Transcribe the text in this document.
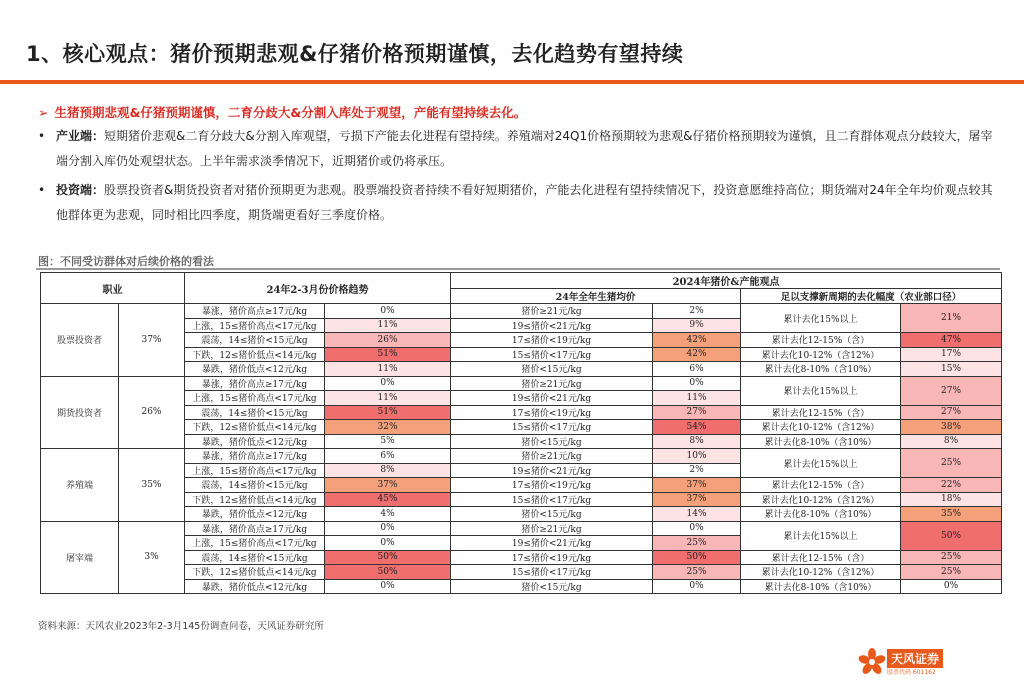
1、核心观点：猪价预期悲观&仔猪价格预期谨慎，去化趋势有望持续
➢ 生猪预期悲观&仔猪预期谨慎，二育分歧大&分割入库处于观望，产能有望持续去化。
• 产业端：短期猪价悲观&二育分歧大&分割入库观望，亏损下产能去化进程有望持续。养殖端对24Q1价格预期较为悲观&仔猪价格预期较为谨慎，且二育群体观点分歧较大，屠宰端分割入库仍处观望状态。上半年需求淡季情况下，近期猪价或仍将承压。
• 投资端：股票投资者&期货投资者对猪价预期更为悲观。股票端投资者持续不看好短期猪价，产能去化进程有望持续情况下，投资意愿维持高位；期货端对24年全年均价观点较其他群体更为悲观，同时相比四季度，期货端更看好三季度价格。
图：不同受访群体对后续价格的看法
职业		24年2-3月份价格趋势		2024年猪价&产能观点			
				24年全年生猪均价		足以支撑新周期的去化幅度（农业部口径）	
股票投资者	37%	暴涨，猪价高点≥17元/kg	0%	猪价≥21元/kg	2%	累计去化15%以上	21%
		上涨，15≤猪价高点<17元/kg	11%	19≤猪价<21元/kg	9%		
		震荡，14≤猪价<15元/kg	26%	17≤猪价<19元/kg	42%	累计去化12-15%（含）	47%
		下跌，12≤猪价低点<14元/kg	51%	15≤猪价<17元/kg	42%	累计去化10-12%（含12%）	17%
		暴跌，猪价低点<12元/kg	11%	猪价<15元/kg	6%	累计去化8-10%（含10%）	15%
期货投资者	26%	暴涨，猪价高点≥17元/kg	0%	猪价≥21元/kg	0%	累计去化15%以上	27%
		上涨，15≤猪价高点<17元/kg	11%	19≤猪价<21元/kg	11%		
		震荡，14≤猪价<15元/kg	51%	17≤猪价<19元/kg	27%	累计去化12-15%（含）	27%
		下跌，12≤猪价低点<14元/kg	32%	15≤猪价<17元/kg	54%	累计去化10-12%（含12%）	38%
		暴跌，猪价低点<12元/kg	5%	猪价<15元/kg	8%	累计去化8-10%（含10%）	8%
养殖端	35%	暴涨，猪价高点≥17元/kg	6%	猪价≥21元/kg	10%	累计去化15%以上	25%
		上涨，15≤猪价高点<17元/kg	8%	19≤猪价<21元/kg	2%		
		震荡，14≤猪价<15元/kg	37%	17≤猪价<19元/kg	37%	累计去化12-15%（含）	22%
		下跌，12≤猪价低点<14元/kg	45%	15≤猪价<17元/kg	37%	累计去化10-12%（含12%）	18%
		暴跌，猪价低点<12元/kg	4%	猪价<15元/kg	14%	累计去化8-10%（含10%）	35%
屠宰端	3%	暴涨，猪价高点≥17元/kg	0%	猪价≥21元/kg	0%	累计去化15%以上	50%
		上涨，15≤猪价高点<17元/kg	0%	19≤猪价<21元/kg	25%		
		震荡，14≤猪价<15元/kg	50%	17≤猪价<19元/kg	50%	累计去化12-15%（含）	25%
		下跌，12≤猪价低点<14元/kg	50%	15≤猪价<17元/kg	25%	累计去化10-12%（含12%）	25%
		暴跌，猪价低点<12元/kg	0%	猪价<15元/kg	0%	累计去化8-10%（含10%）	0%
资料来源：天风农业2023年2-3月145份调查问卷，天风证券研究所
天风证券
股票代码 601162
